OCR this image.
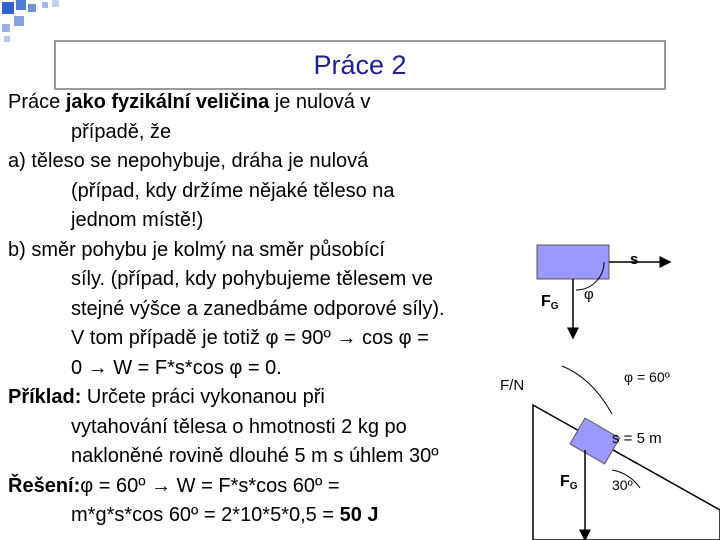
Práce 2
Práce jako fyzikální veličina je nulová v
případě, že
a) těleso se nepohybuje, dráha je nulová
(případ, kdy držíme nějaké těleso na
jednom místě!)
b) směr pohybu je kolmý na směr působící
síly. (případ, kdy pohybujeme tělesem ve
stejné výšce a zanedbáme odporové síly).
V tom případě je totiž φ = 90º → cos φ =
0 → W = F*s*cos φ = 0.
Příklad: Určete práci vykonanou při
vytahování tělesa o hmotnosti 2 kg po
nakloněné rovině dlouhé 5 m s úhlem 30º
Řešení:φ = 60º → W = F*s*cos 60º =
m*g*s*cos 60º = 2*10*5*0,5 = 50 J
s
φ
FG
F/N	φ = 60º
s = 5 m
FG 30º
